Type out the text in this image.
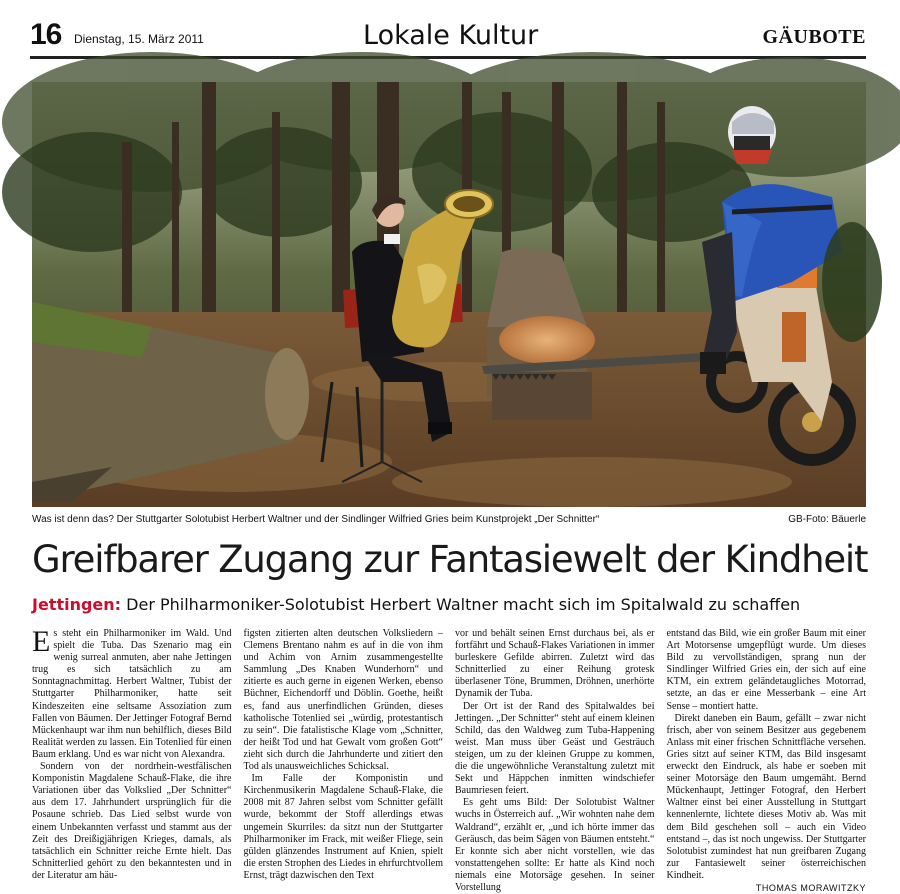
16 Dienstag, 15. März 2011	Lokale Kultur	GÄUBOTE
Was ist denn das? Der Stuttgarter Solotubist Herbert Waltner und der Sindlinger Wilfried Gries beim Kunstprojekt „Der Schnitter“	GB-Foto: Bäuerle
Greifbarer Zugang zur Fantasiewelt der Kindheit
Jettingen: Der Philharmoniker-Solotubist Herbert Waltner macht sich im Spitalwald zu schaffen

Es steht ein Philharmoniker im Wald. Und spielt die Tuba. Das Szenario mag ein wenig surreal anmuten, aber nahe Jettingen trug es sich tatsächlich zu am Sonntagnachmittag. Herbert Waltner, Tubist der Stuttgarter Philharmoniker, hatte seit Kindeszeiten eine seltsame Assoziation zum Fallen von Bäumen. Der Jettinger Fotograf Bernd Mückenhaupt war ihm nun behilflich, dieses Bild Realität werden zu lassen. Ein Totenlied für einen Baum erklang. Und es war nicht von Alexandra.

Sondern von der nordrhein-westfälischen Komponistin Magdalene Schauß-Flake, die ihre Variationen über das Volkslied „Der Schnitter“ aus dem 17. Jahrhundert ursprünglich für die Posaune schrieb. Das Lied selbst wurde von einem Unbekannten verfasst und stammt aus der Zeit des Dreißigjährigen Krieges, damals, als tatsächlich ein Schnitter reiche Ernte hielt. Das Schnitterlied gehört zu den bekanntesten und in der Literatur am häu-

figsten zitierten alten deutschen Volksliedern – Clemens Brentano nahm es auf in die von ihm und Achim von Arnim zusammengestellte Sammlung „Des Knaben Wunderhorn“ und zitierte es auch gerne in eigenen Werken, ebenso Büchner, Eichendorff und Döblin. Goethe, heißt es, fand aus unerfindlichen Gründen, dieses katholische Totenlied sei „würdig, protestantisch zu sein“. Die fatalistische Klage vom „Schnitter, der heißt Tod und hat Gewalt vom großen Gott“ zieht sich durch die Jahrhunderte und zitiert den Tod als unausweichliches Schicksal.

Im Falle der Komponistin und Kirchenmusikerin Magdalene Schauß-Flake, die 2008 mit 87 Jahren selbst vom Schnitter gefällt wurde, bekommt der Stoff allerdings etwas ungemein Skurriles: da sitzt nun der Stuttgarter Philharmoniker im Frack, mit weißer Fliege, sein gülden glänzendes Instrument auf Knien, spielt die ersten Strophen des Liedes in ehrfurchtvollem Ernst, trägt dazwischen den Text

vor und behält seinen Ernst durchaus bei, als er fortfährt und Schauß-Flakes Variationen in immer burleskere Gefilde abirren. Zuletzt wird das Schnitterlied zu einer Reihung grotesk überlasener Töne, Brummen, Dröhnen, unerhörte Dynamik der Tuba.

Der Ort ist der Rand des Spitalwaldes bei Jettingen. „Der Schnitter“ steht auf einem kleinen Schild, das den Waldweg zum Tuba-Happening weist. Man muss über Geäst und Gesträuch steigen, um zu der kleinen Gruppe zu kommen, die die ungewöhnliche Veranstaltung zuletzt mit Sekt und Häppchen inmitten windschiefer Baumriesen feiert.

Es geht ums Bild: Der Solotubist Waltner wuchs in Österreich auf. „Wir wohnten nahe dem Waldrand“, erzählt er, „und ich hörte immer das Geräusch, das beim Sägen von Bäumen entsteht.“ Er konnte sich aber nicht vorstellen, wie das vonstattengehen sollte: Er hatte als Kind noch niemals eine Motorsäge gesehen. In seiner Vorstellung

entstand das Bild, wie ein großer Baum mit einer Art Motorsense umgepflügt wurde. Um dieses Bild zu vervollständigen, sprang nun der Sindlinger Wilfried Gries ein, der sich auf eine KTM, ein extrem geländetaugliches Motorrad, setzte, an das er eine Messerbank – eine Art Sense – montiert hatte.

Direkt daneben ein Baum, gefällt – zwar nicht frisch, aber von seinem Besitzer aus gegebenem Anlass mit einer frischen Schnittfläche versehen. Gries sitzt auf seiner KTM, das Bild insgesamt erweckt den Eindruck, als habe er soeben mit seiner Motorsäge den Baum umgemäht. Bernd Mückenhaupt, Jettinger Fotograf, den Herbert Waltner einst bei einer Ausstellung in Stuttgart kennenlernte, lichtete dieses Motiv ab. Was mit dem Bild geschehen soll – auch ein Video entstand –, das ist noch ungewiss. Der Stuttgarter Solotubist zumindest hat nun greifbaren Zugang zur Fantasiewelt seiner österreichischen Kindheit.

THOMAS MORAWITZKY
